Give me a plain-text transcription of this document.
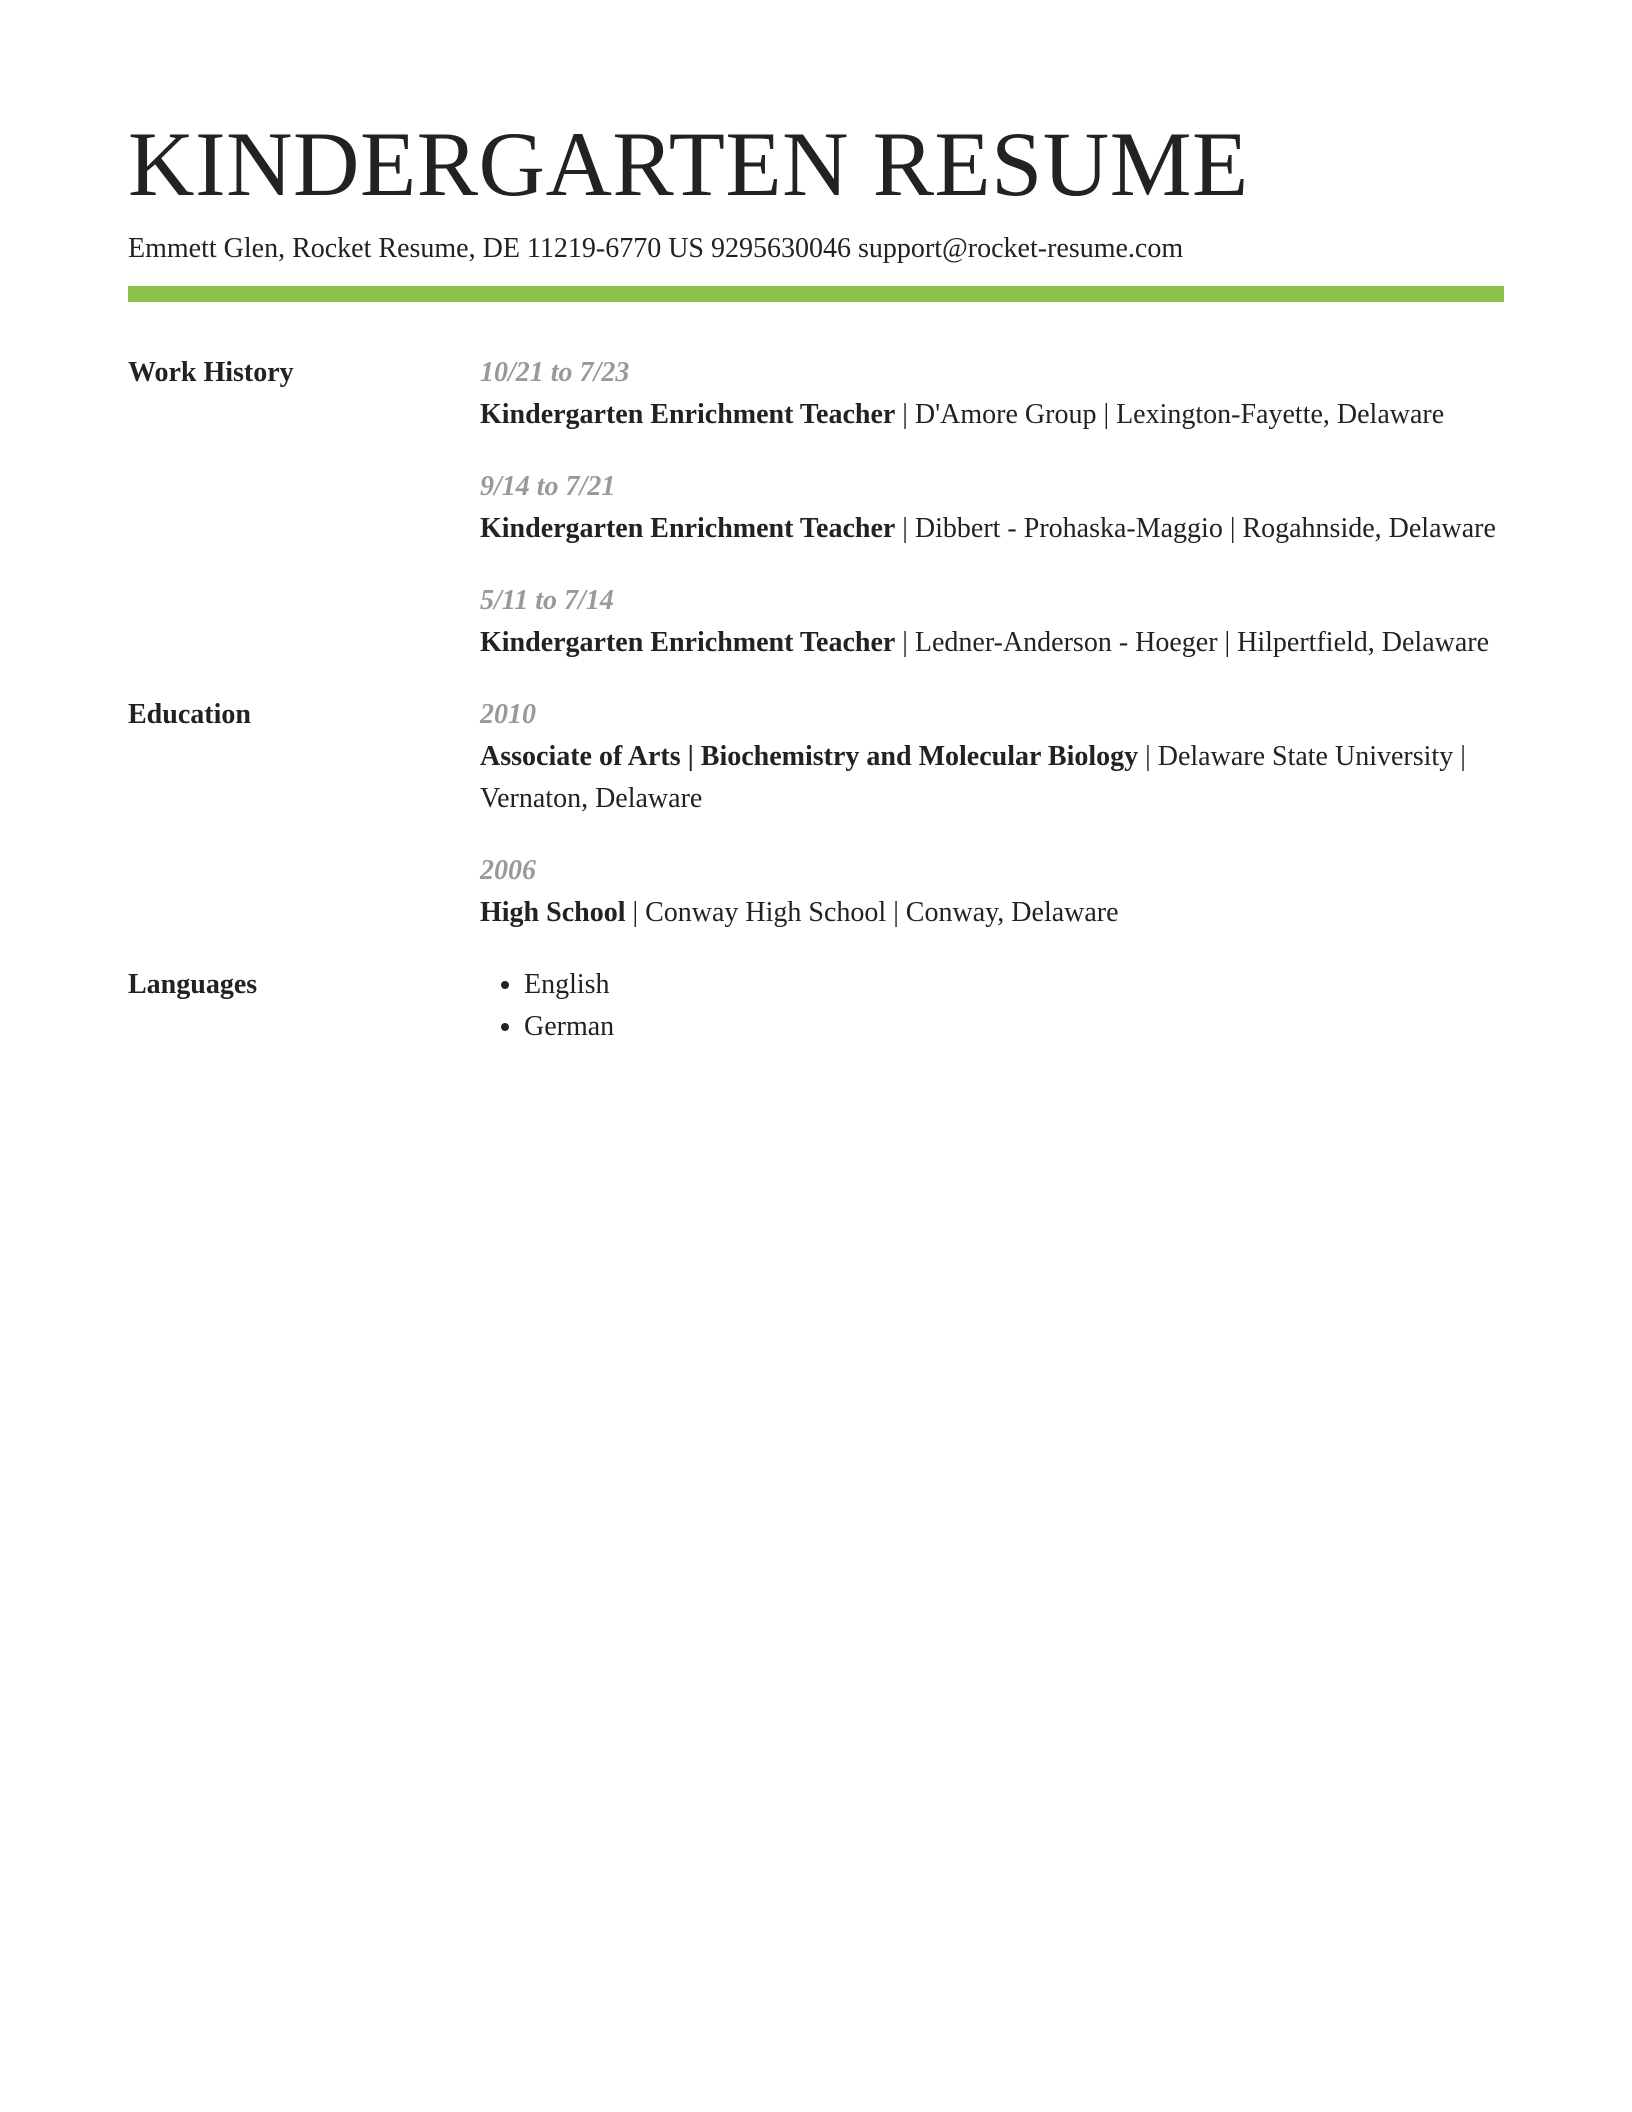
KINDERGARTEN RESUME
Emmett Glen, Rocket Resume, DE 11219-6770 US 9295630046 support@rocket-resume.com
Work History	10/21 to 7/23
Kindergarten Enrichment Teacher | D'Amore Group | Lexington-Fayette, Delaware
9/14 to 7/21
Kindergarten Enrichment Teacher | Dibbert - Prohaska-Maggio | Rogahnside, Delaware
5/11 to 7/14
Kindergarten Enrichment Teacher | Ledner-Anderson - Hoeger | Hilpertfield, Delaware
Education	2010
Associate of Arts | Biochemistry and Molecular Biology | Delaware State University | Vernaton, Delaware
2006
High School | Conway High School | Conway, Delaware
Languages
•	English
• German
